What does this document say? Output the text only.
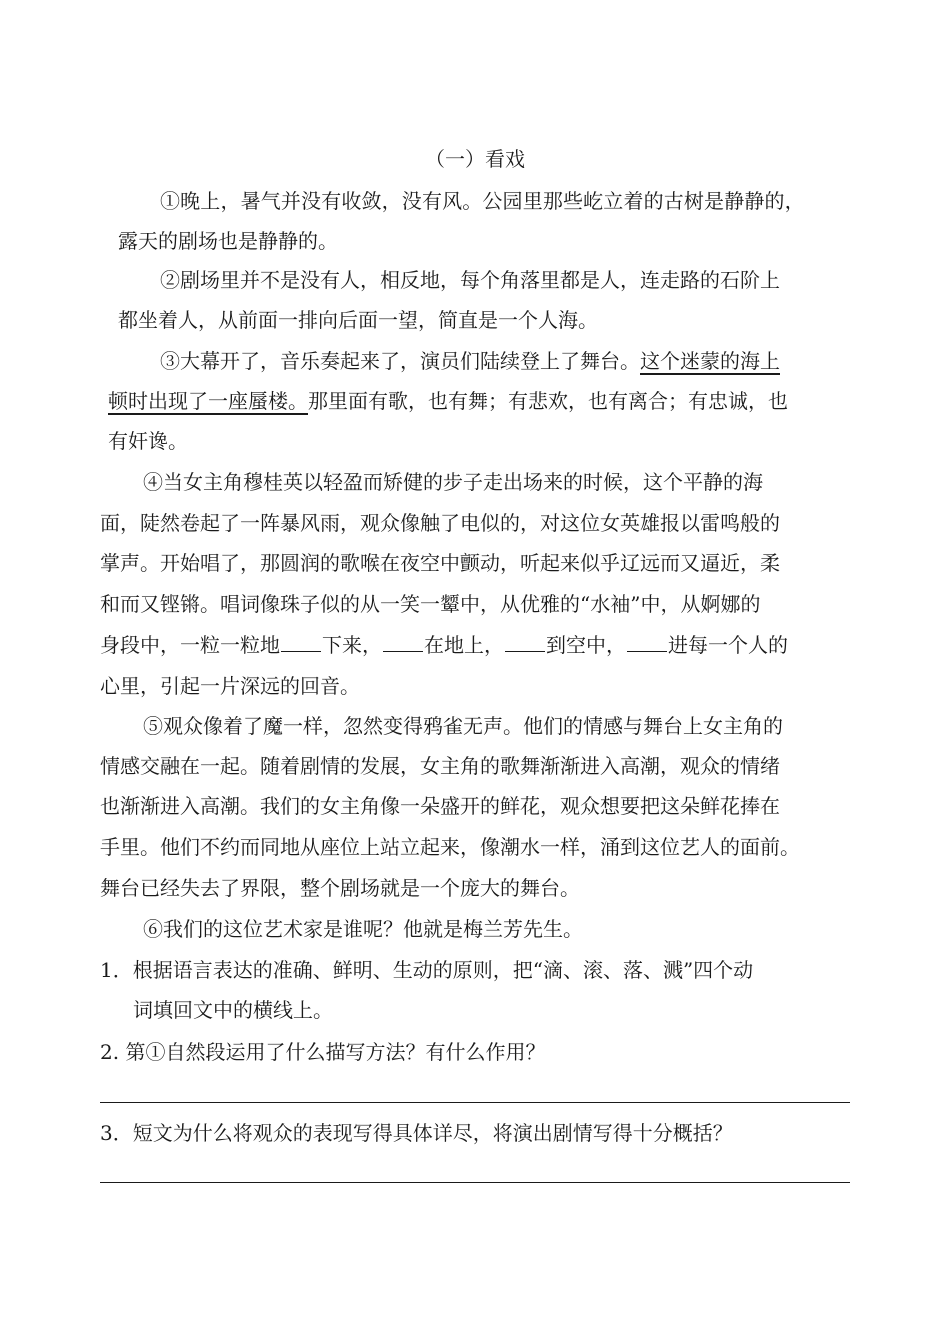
（一）看戏
①晚上，暑气并没有收敛，没有风。公园里那些屹立着的古树是静静的，
露天的剧场也是静静的。
②剧场里并不是没有人，相反地，每个角落里都是人，连走路的石阶上
都坐着人，从前面一排向后面一望，简直是一个人海。
③大幕开了，音乐奏起来了，演员们陆续登上了舞台。这个迷蒙的海上
顿时出现了一座蜃楼。那里面有歌，也有舞；有悲欢，也有离合；有忠诚，也
有奸谗。
④当女主角穆桂英以轻盈而矫健的步子走出场来的时候，这个平静的海
面，陡然卷起了一阵暴风雨，观众像触了电似的，对这位女英雄报以雷鸣般的
掌声。开始唱了，那圆润的歌喉在夜空中颤动，听起来似乎辽远而又逼近，柔
和而又铿锵。唱词像珠子似的从一笑一颦中，从优雅的“水袖”中，从婀娜的
身段中，一粒一粒地 下来， 在地上， 到空中， 进每一个人的
心里，引起一片深远的回音。
⑤观众像着了魔一样，忽然变得鸦雀无声。他们的情感与舞台上女主角的
情感交融在一起。随着剧情的发展，女主角的歌舞渐渐进入高潮，观众的情绪
也渐渐进入高潮。我们的女主角像一朵盛开的鲜花，观众想要把这朵鲜花捧在
手里。他们不约而同地从座位上站立起来，像潮水一样，涌到这位艺人的面前。
舞台已经失去了界限，整个剧场就是一个庞大的舞台。
⑥我们的这位艺术家是谁呢？他就是梅兰芳先生。
1．根据语言表达的准确、鲜明、生动的原则，把“滴、滚、落、溅”四个动
词填回文中的横线上。
2. 第①自然段运用了什么描写方法？有什么作用？
3．短文为什么将观众的表现写得具体详尽，将演出剧情写得十分概括？
